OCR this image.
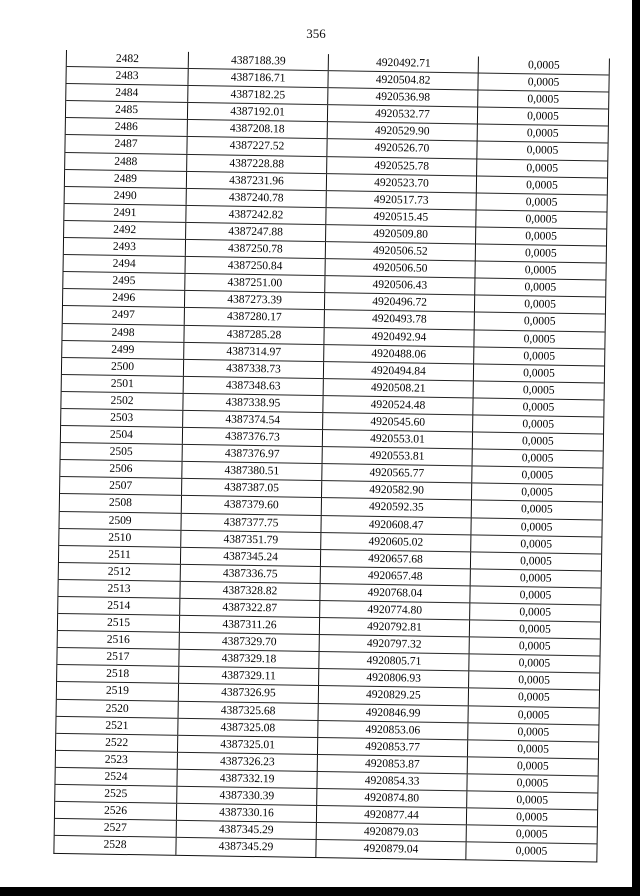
356
2482	4387188.39	4920492.71	0,0005
2483	4387186.71	4920504.82	0,0005
2484	4387182.25	4920536.98	0,0005
2485	4387192.01	4920532.77	0,0005
2486	4387208.18	4920529.90	0,0005
2487	4387227.52	4920526.70	0,0005
2488	4387228.88	4920525.78	0,0005
2489	4387231.96	4920523.70	0,0005
2490	4387240.78	4920517.73	0,0005
2491	4387242.82	4920515.45	0,0005
2492	4387247.88	4920509.80	0,0005
2493	4387250.78	4920506.52	0,0005
2494	4387250.84	4920506.50	0,0005
2495	4387251.00	4920506.43	0,0005
2496	4387273.39	4920496.72	0,0005
2497	4387280.17	4920493.78	0,0005
2498	4387285.28	4920492.94	0,0005
2499	4387314.97	4920488.06	0,0005
2500	4387338.73	4920494.84	0,0005
2501	4387348.63	4920508.21	0,0005
2502	4387338.95	4920524.48	0,0005
2503	4387374.54	4920545.60	0,0005
2504	4387376.73	4920553.01	0,0005
2505	4387376.97	4920553.81	0,0005
2506	4387380.51	4920565.77	0,0005
2507	4387387.05	4920582.90	0,0005
2508	4387379.60	4920592.35	0,0005
2509	4387377.75	4920608.47	0,0005
2510	4387351.79	4920605.02	0,0005
2511	4387345.24	4920657.68	0,0005
2512	4387336.75	4920657.48	0,0005
2513	4387328.82	4920768.04	0,0005
2514	4387322.87	4920774.80	0,0005
2515	4387311.26	4920792.81	0,0005
2516	4387329.70	4920797.32	0,0005
2517	4387329.18	4920805.71	0,0005
2518	4387329.11	4920806.93	0,0005
2519	4387326.95	4920829.25	0,0005
2520	4387325.68	4920846.99	0,0005
2521	4387325.08	4920853.06	0,0005
2522	4387325.01	4920853.77	0,0005
2523	4387326.23	4920853.87	0,0005
2524	4387332.19	4920854.33	0,0005
2525	4387330.39	4920874.80	0,0005
2526	4387330.16	4920877.44	0,0005
2527	4387345.29	4920879.03	0,0005
2528	4387345.29	4920879.04	0,0005
